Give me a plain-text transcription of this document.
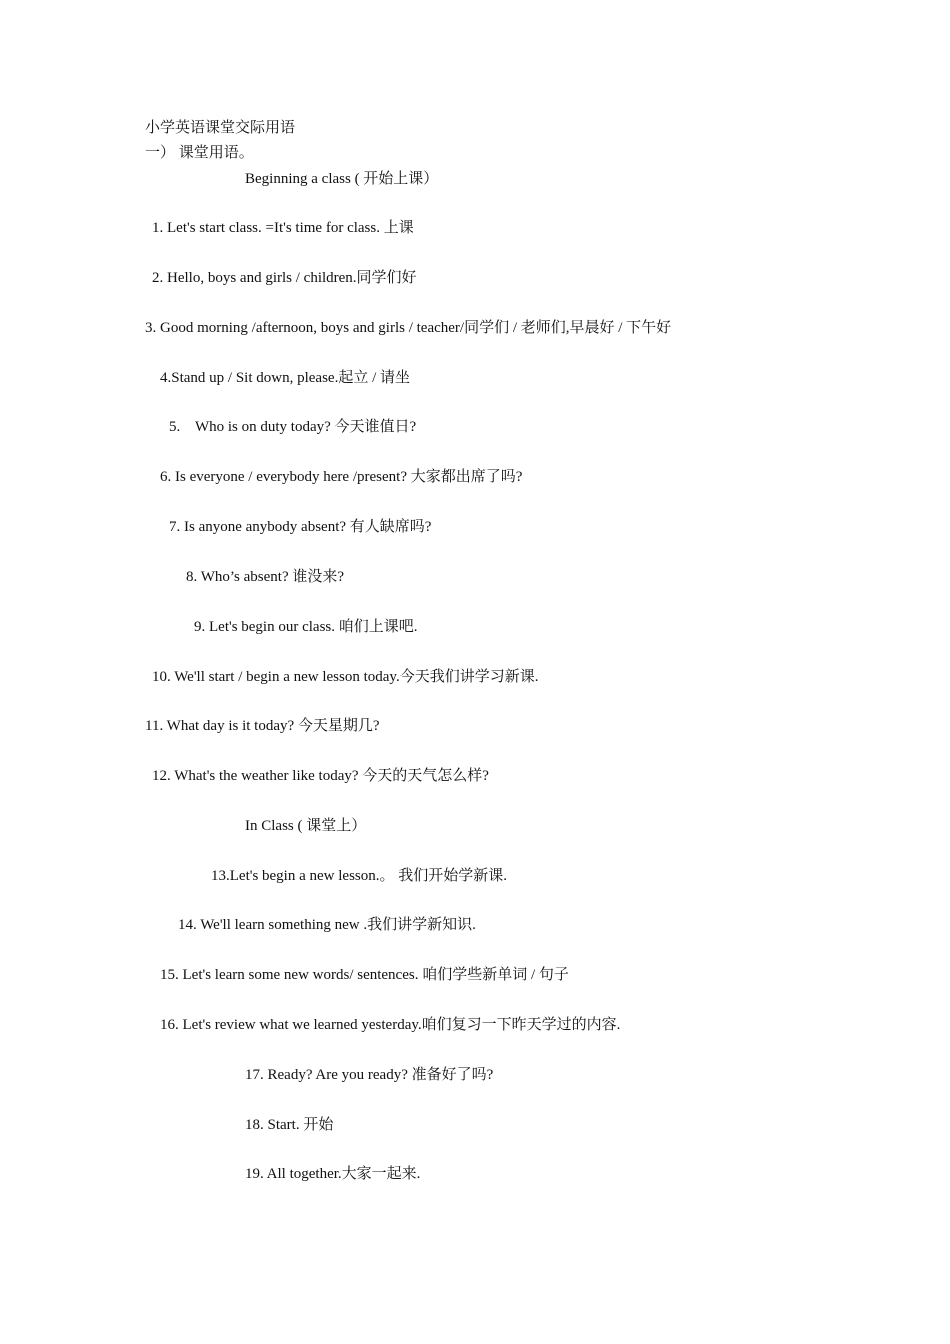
小学英语课堂交际用语
一） 课堂用语。
Beginning a class ( 开始上课）
1. Let's start class. =It's time for class. 上课
2. Hello, boys and girls / children.同学们好
3. Good morning /afternoon, boys and girls / teacher/同学们 / 老师们,早晨好 / 下午好
4.Stand up / Sit down, please.起立 / 请坐
5.    Who is on duty today? 今天谁值日?
6. Is everyone / everybody here /present? 大家都出席了吗?
7. Is anyone anybody absent? 有人缺席吗?
8. Who’s absent? 谁没来?
9. Let's begin our class. 咱们上课吧.
10. We'll start / begin a new lesson today.今天我们讲学习新课.
11. What day is it today? 今天星期几?
12. What's the weather like today? 今天的天气怎么样?
In Class ( 课堂上）
13.Let's begin a new lesson.。 我们开始学新课.
14. We'll learn something new .我们讲学新知识.
15. Let's learn some new words/ sentences. 咱们学些新单词 / 句子
16. Let's review what we learned yesterday.咱们复习一下昨天学过的内容.
17. Ready? Are you ready? 准备好了吗?
18. Start. 开始
19. All together.大家一起来.
